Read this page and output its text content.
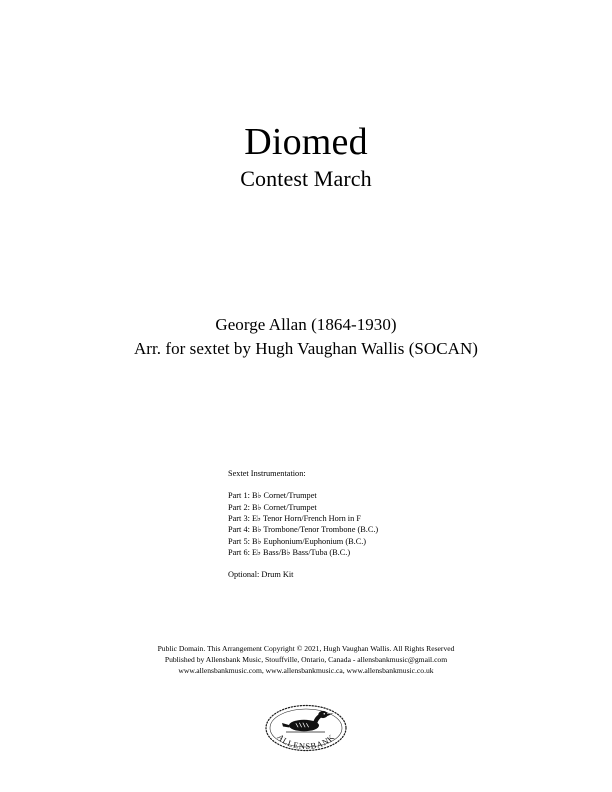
Diomed
Contest March

George Allan (1864-1930)

Arr. for sextet by Hugh Vaughan Wallis (SOCAN)

Sextet Instrumentation:

Part 1: B♭ Cornet/Trumpet
Part 2: B♭ Cornet/Trumpet
Part 3: E♭ Tenor Horn/French Horn in F
Part 4: B♭ Trombone/Tenor Trombone (B.C.)
Part 5: B♭ Euphonium/Euphonium (B.C.)
Part 6: E♭ Bass/B♭ Bass/Tuba (B.C.)

Optional: Drum Kit

Public Domain. This Arrangement Copyright © 2021, Hugh Vaughan Wallis. All Rights Reserved

Published by Allensbank Music, Stouffville, Ontario, Canada - allensbankmusic@gmail.com

www.allensbankmusic.com, www.allensbankmusic.ca, www.allensbankmusic.co.uk

ALLENSBANK
